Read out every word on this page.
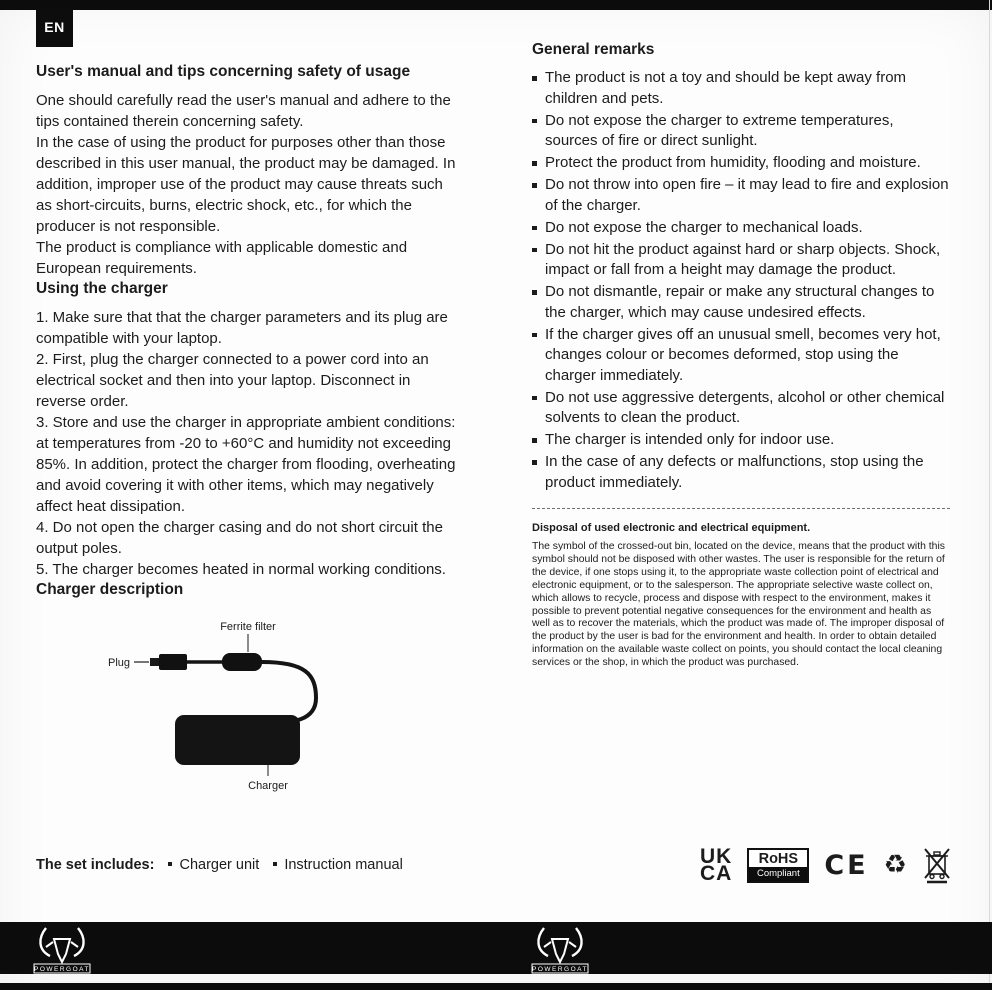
EN
User's manual and tips concerning safety of usage

One should carefully read the user's manual and adhere to the tips contained therein concerning safety.

In the case of using the product for purposes other than those described in this user manual, the product may be damaged. In addition, improper use of the product may cause threats such as short-circuits, burns, electric shock, etc., for which the producer is not responsible.

The product is compliance with applicable domestic and European requirements.

Using the charger

1. Make sure that that the charger parameters and its plug are compatible with your laptop.

2. First, plug the charger connected to a power cord into an electrical socket and then into your laptop. Disconnect in reverse order.

3. Store and use the charger in appropriate ambient conditions: at temperatures from -20 to +60°C and humidity not exceeding 85%. In addition, protect the charger from flooding, overheating and avoid covering it with other items, which may negatively affect heat dissipation.

4. Do not open the charger casing and do not short circuit the output poles.

5. The charger becomes heated in normal working conditions.

Charger description
Ferrite filter
Plug
Charger
The set includes: Charger unit Instruction manual
General remarks
The product is not a toy and should be kept away from children and pets.
Do not expose the charger to extreme temperatures, sources of fire or direct sunlight.
Protect the product from humidity, flooding and moisture.
Do not throw into open fire – it may lead to fire and explosion of the charger.
Do not expose the charger to mechanical loads.
Do not hit the product against hard or sharp objects. Shock, impact or fall from a height may damage the product.
Do not dismantle, repair or make any structural changes to the charger, which may cause undesired effects.
If the charger gives off an unusual smell, becomes very hot, changes colour or becomes deformed, stop using the charger immediately.
Do not use aggressive detergents, alcohol or other chemical solvents to clean the product.
The charger is intended only for indoor use.
In the case of any defects or malfunctions, stop using the product immediately.
Disposal of used electronic and electrical equipment.

The symbol of the crossed-out bin, located on the device, means that the product with this symbol should not be disposed with other wastes. The user is responsible for the return of the device, if one stops using it, to the appropriate waste collection point of electrical and electronic equipment, or to the salesperson. The appropriate selective waste collect on, which allows to recycle, process and dispose with respect to the environment, makes it possible to prevent potential negative consequences for the environment and health as well as to recover the materials, which the product was made of. The improper disposal of the product by the user is bad for the environment and health. In order to obtain detailed information on the available waste collect on points, you should contact the local cleaning services or the shop, in which the product was purchased.

UK
CA
RoHS
Compliant CE ♻
POWERGOAT	POWERGOAT
